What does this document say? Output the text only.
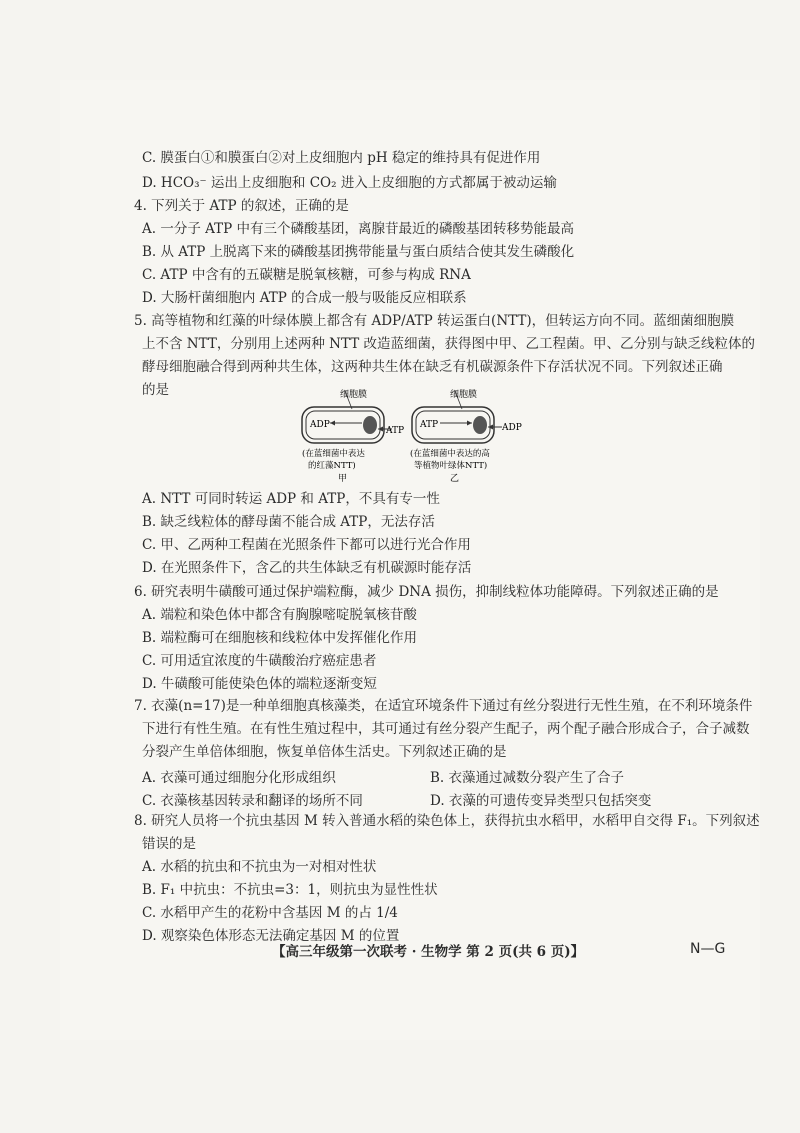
C. 膜蛋白①和膜蛋白②对上皮细胞内 pH 稳定的维持具有促进作用
D. HCO₃⁻ 运出上皮细胞和 CO₂ 进入上皮细胞的方式都属于被动运输
4. 下列关于 ATP 的叙述，正确的是
A. 一分子 ATP 中有三个磷酸基团，离腺苷最近的磷酸基团转移势能最高
B. 从 ATP 上脱离下来的磷酸基团携带能量与蛋白质结合使其发生磷酸化
C. ATP 中含有的五碳糖是脱氧核糖，可参与构成 RNA
D. 大肠杆菌细胞内 ATP 的合成一般与吸能反应相联系
5. 高等植物和红藻的叶绿体膜上都含有 ADP/ATP 转运蛋白(NTT)，但转运方向不同。蓝细菌细胞膜
上不含 NTT，分别用上述两种 NTT 改造蓝细菌，获得图中甲、乙工程菌。甲、乙分别与缺乏线粒体的
酵母细胞融合得到两种共生体，这两种共生体在缺乏有机碳源条件下存活状况不同。下列叙述正确
的是	细胞膜
ADP
ATP
(在蓝细菌中表达
的红藻NTT)
甲
细胞膜
ATP	ADP
(在蓝细菌中表达的高
等植物叶绿体NTT)
乙
A. NTT 可同时转运 ADP 和 ATP，不具有专一性
B. 缺乏线粒体的酵母菌不能合成 ATP，无法存活
C. 甲、乙两种工程菌在光照条件下都可以进行光合作用
D. 在光照条件下，含乙的共生体缺乏有机碳源时能存活
6. 研究表明牛磺酸可通过保护端粒酶，减少 DNA 损伤，抑制线粒体功能障碍。下列叙述正确的是
A. 端粒和染色体中都含有胸腺嘧啶脱氧核苷酸
B. 端粒酶可在细胞核和线粒体中发挥催化作用
C. 可用适宜浓度的牛磺酸治疗癌症患者
D. 牛磺酸可能使染色体的端粒逐渐变短
7. 衣藻(n=17)是一种单细胞真核藻类，在适宜环境条件下通过有丝分裂进行无性生殖，在不利环境条件
下进行有性生殖。在有性生殖过程中，其可通过有丝分裂产生配子，两个配子融合形成合子，合子减数
分裂产生单倍体细胞，恢复单倍体生活史。下列叙述正确的是
A. 衣藻可通过细胞分化形成组织	B. 衣藻通过减数分裂产生了合子
C. 衣藻核基因转录和翻译的场所不同	D. 衣藻的可遗传变异类型只包括突变
8. 研究人员将一个抗虫基因 M 转入普通水稻的染色体上，获得抗虫水稻甲，水稻甲自交得 F₁。下列叙述
错误的是
A. 水稻的抗虫和不抗虫为一对相对性状
B. F₁ 中抗虫：不抗虫=3：1，则抗虫为显性性状
C. 水稻甲产生的花粉中含基因 M 的占 1/4
D. 观察染色体形态无法确定基因 M 的位置
【高三年级第一次联考 · 生物学 第 2 页(共 6 页)】	N—G
